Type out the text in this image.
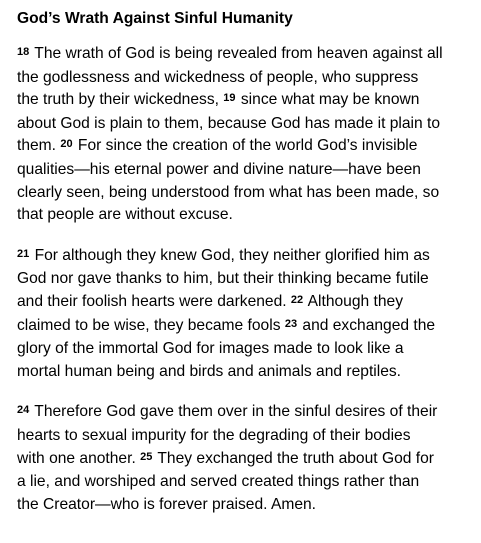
God’s Wrath Against Sinful Humanity
18 The wrath of God is being revealed from heaven against all
the godlessness and wickedness of people, who suppress
the truth by their wickedness, 19 since what may be known
about God is plain to them, because God has made it plain to
them. 20 For since the creation of the world God’s invisible
qualities—his eternal power and divine nature—have been
clearly seen, being understood from what has been made, so
that people are without excuse.
21 For although they knew God, they neither glorified him as
God nor gave thanks to him, but their thinking became futile
and their foolish hearts were darkened. 22 Although they
claimed to be wise, they became fools 23 and exchanged the
glory of the immortal God for images made to look like a
mortal human being and birds and animals and reptiles.
24 Therefore God gave them over in the sinful desires of their
hearts to sexual impurity for the degrading of their bodies
with one another. 25 They exchanged the truth about God for
a lie, and worshiped and served created things rather than
the Creator—who is forever praised. Amen.
